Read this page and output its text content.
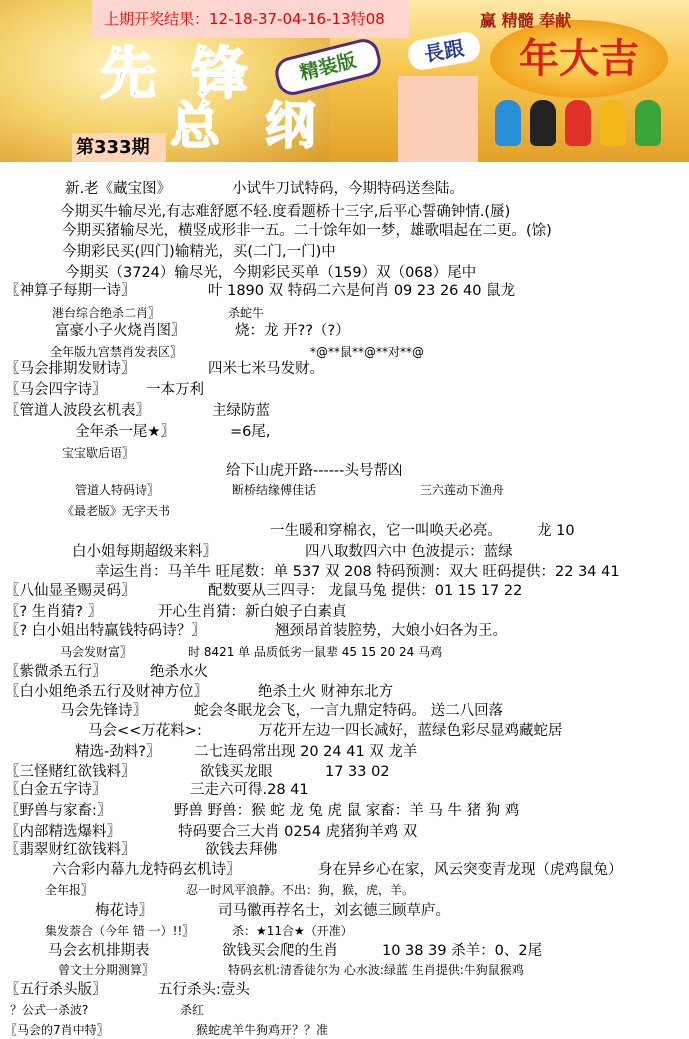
年大吉
赢 精髓 奉献
先 锋
总 纲
精装版	長跟
上期开奖结果：12-18-37-04-16-13特08
第333期
新.老《藏宝图》	小试牛刀试特码，今期特码送叁陆。
今期买牛输尽光,有志难舒愿不轻.度看题桥十三字,后平心誓确钟情.(蜃)
今期买猪输尽光，横竖成形非一五。二十馀年如一梦，雄歌唱起在二更。(馀)
今期彩民买(四门)输精光，买(二门,一门)中
今期买（3724）输尽光，今期彩民买单（159）双（068）尾中
〖神算子每期一诗〗	叶 1890 双 特码二六是何肖 09 23 26 40 鼠龙
港台综合绝杀二肖〗	杀蛇牛
富豪小子火烧肖图〗	烧：龙 开??（?）
全年版九宫禁肖发表区〗	*@**鼠**@**对**@
〖马会排期发财诗〗	四米七米马发财。
〖马会四字诗〗	一本万利
〖管道人波段玄机表〗	主绿防蓝
全年杀一尾★〗	=6尾,
宝宝歇后语〗
给下山虎开路------头号帮凶
管道人特码诗〗	断桥结缘傅佳话	三六莲动下渔舟
《最老版》无字天书
一生暖和穿棉衣，它一叫唤天必亮。 龙 10
白小姐每期超级来料〗	四八取数四六中 色波提示：蓝绿
幸运生肖：马羊牛 旺尾数：单 537 双 208 特码预测：双大 旺码提供：22 34 41
〖八仙显圣赐灵码〗	配数要从三四寻： 龙鼠马兔 提供：01 15 17 22
〖? 生肖猜? 〗	开心生肖猜：新白娘子白素貞
〖? 白小姐出特赢钱特码诗？〗	翘颈昂首装腔势，大娘小妇各为王。
马会发财富〗	时 8421 单 品质低劣一鼠辈 45 15 20 24 马鸡
〖紫微杀五行〗	绝杀水火
〖白小姐绝杀五行及财神方位〗	绝杀土火 财神东北方
马会先锋诗〗	蛇会冬眠龙会飞，一言九鼎定特码。 送二八回落
马会<<万花料>:	万花开左边一四长减好，蓝绿色彩尽显鸡藏蛇居
精选-劲料?〗 二七连码常出现 20 24 41 双 龙羊
〖三怪赌红欲钱料〗	欲钱买龙眼	17 33 02
〖白金五字诗〗	三走六可得.28 41
〖野兽与家畜:〗	野兽 野兽：猴 蛇 龙 兔 虎 鼠 家畜：羊 马 牛 猪 狗 鸡
〖内部精选爆料〗	特码要合三大肖 0254 虎猪狗羊鸡 双
〖翡翠财红欲钱料〗	欲钱去拜佛
六合彩内幕九龙特码玄机诗〗	身在异乡心在家，风云突变青龙现（虎鸡鼠兔）
全年报〗	忍一时风平浪静。不出：狗，猴，虎，羊。
梅花诗〗	司马徽再荐名士，刘玄德三顾草庐。
集发萘合（今年 错 一）!!〗	杀：★11合★（开准）
马会玄机排期表	欲钱买会爬的生肖	10 38 39 杀羊：0、2尾
曾文士分期测算〗	特码玄机:清香徒尔为 心水波:绿蓝 生肖提供:牛狗鼠猴鸡
〖五行杀头版〗	五行杀头:壹头
？公式一杀波?	杀红
〖马会的7肖中特〗	猴蛇虎羊牛狗鸡开？？准
